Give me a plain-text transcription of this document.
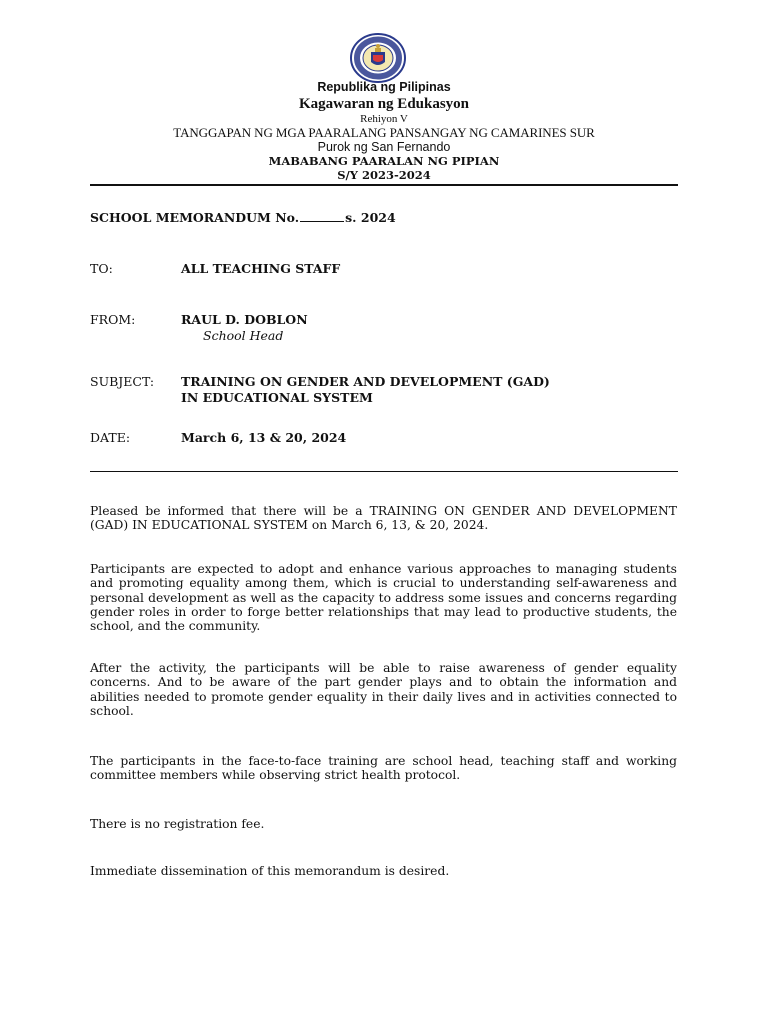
Republika ng Pilipinas
Kagawaran ng Edukasyon
Rehiyon V
TANGGAPAN NG MGA PAARALANG PANSANGAY NG CAMARINES SUR
Purok ng San Fernando
MABABANG PAARALAN NG PIPIAN
S/Y 2023-2024
SCHOOL MEMORANDUM No.	s. 2024
TO:	ALL TEACHING STAFF
FROM:	RAUL D. DOBLON
School Head
SUBJECT: TRAINING ON GENDER AND DEVELOPMENT (GAD)
IN EDUCATIONAL SYSTEM
DATE:	March 6, 13 & 20, 2024

Pleased be informed that there will be a TRAINING ON GENDER AND DEVELOPMENT (GAD) IN EDUCATIONAL SYSTEM on March 6, 13, & 20, 2024.

Participants are expected to adopt and enhance various approaches to managing students and promoting equality among them, which is crucial to understanding self-awareness and personal development as well as the capacity to address some issues and concerns regarding gender roles in order to forge better relationships that may lead to productive students, the school, and the community.

After the activity, the participants will be able to raise awareness of gender equality concerns. And to be aware of the part gender plays and to obtain the information and abilities needed to promote gender equality in their daily lives and in activities connected to school.

The participants in the face-to-face training are school head, teaching staff and working committee members while observing strict health protocol.

There is no registration fee.

Immediate dissemination of this memorandum is desired.
